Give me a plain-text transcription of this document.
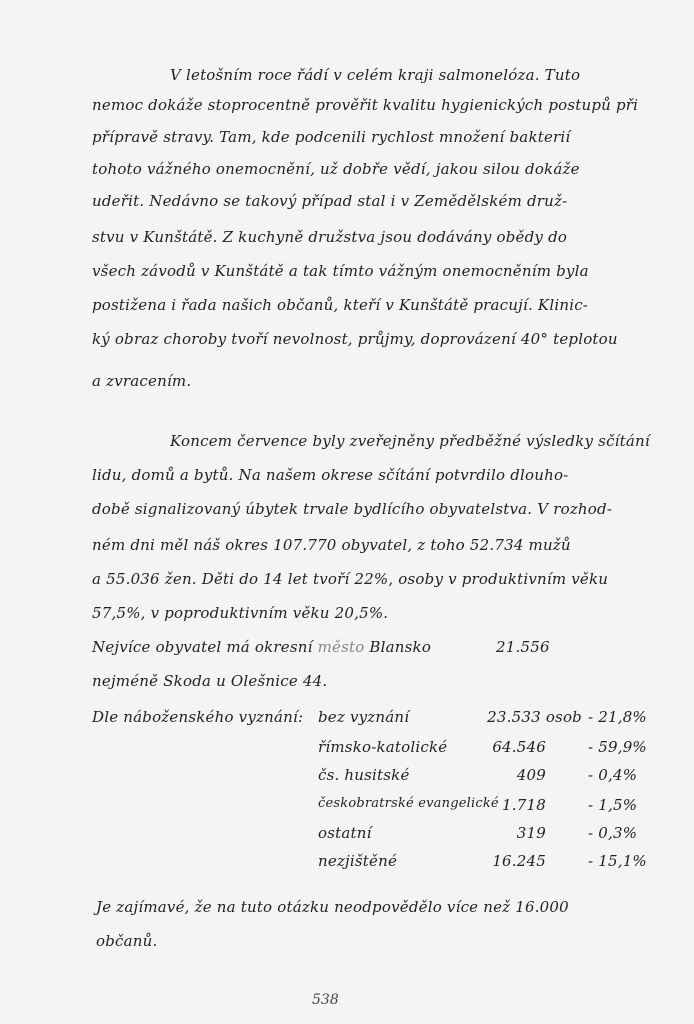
V letošním roce řádí v celém kraji salmonelóza. Tuto
nemoc dokáže stoprocentně prověřit kvalitu hygienických postupů při
přípravě stravy. Tam, kde podcenili rychlost množení bakterií
tohoto vážného onemocnění, už dobře vědí, jakou silou dokáže
udeřit. Nedávno se takový případ stal i v Zemědělském druž-
stvu v Kunštátě. Z kuchyně družstva jsou dodávány obědy do
všech závodů v Kunštátě a tak tímto vážným onemocněním byla
postižena i řada našich občanů, kteří v Kunštátě pracují. Klinic-
ký obraz choroby tvoří nevolnost, průjmy, doprovázení 40° teplotou
a zvracením.
Koncem července byly zveřejněny předběžné výsledky sčítání
lidu, domů a bytů. Na našem okrese sčítání potvrdilo dlouho-
době signalizovaný úbytek trvale bydlícího obyvatelstva. V rozhod-
ném dni měl náš okres 107.770 obyvatel, z toho 52.734 mužů
a 55.036 žen. Děti do 14 let tvoří 22%, osoby v produktivním věku
57,5%, v poproduktivním věku 20,5%.
Nejvíce obyvatel má okresní město Blansko	21.556
nejméně Skoda u Olešnice 44.
Dle náboženského vyznání: bez vyznání	23.533 osob - 21,8%
římsko-katolické	64.546	- 59,9%
čs. husitské	409	- 0,4%
českobratrské evangelické 1.718	- 1,5%
ostatní	319	- 0,3%
nezjištěné	16.245	- 15,1%
Je zajímavé, že na tuto otázku neodpovědělo více než 16.000
občanů.
538
